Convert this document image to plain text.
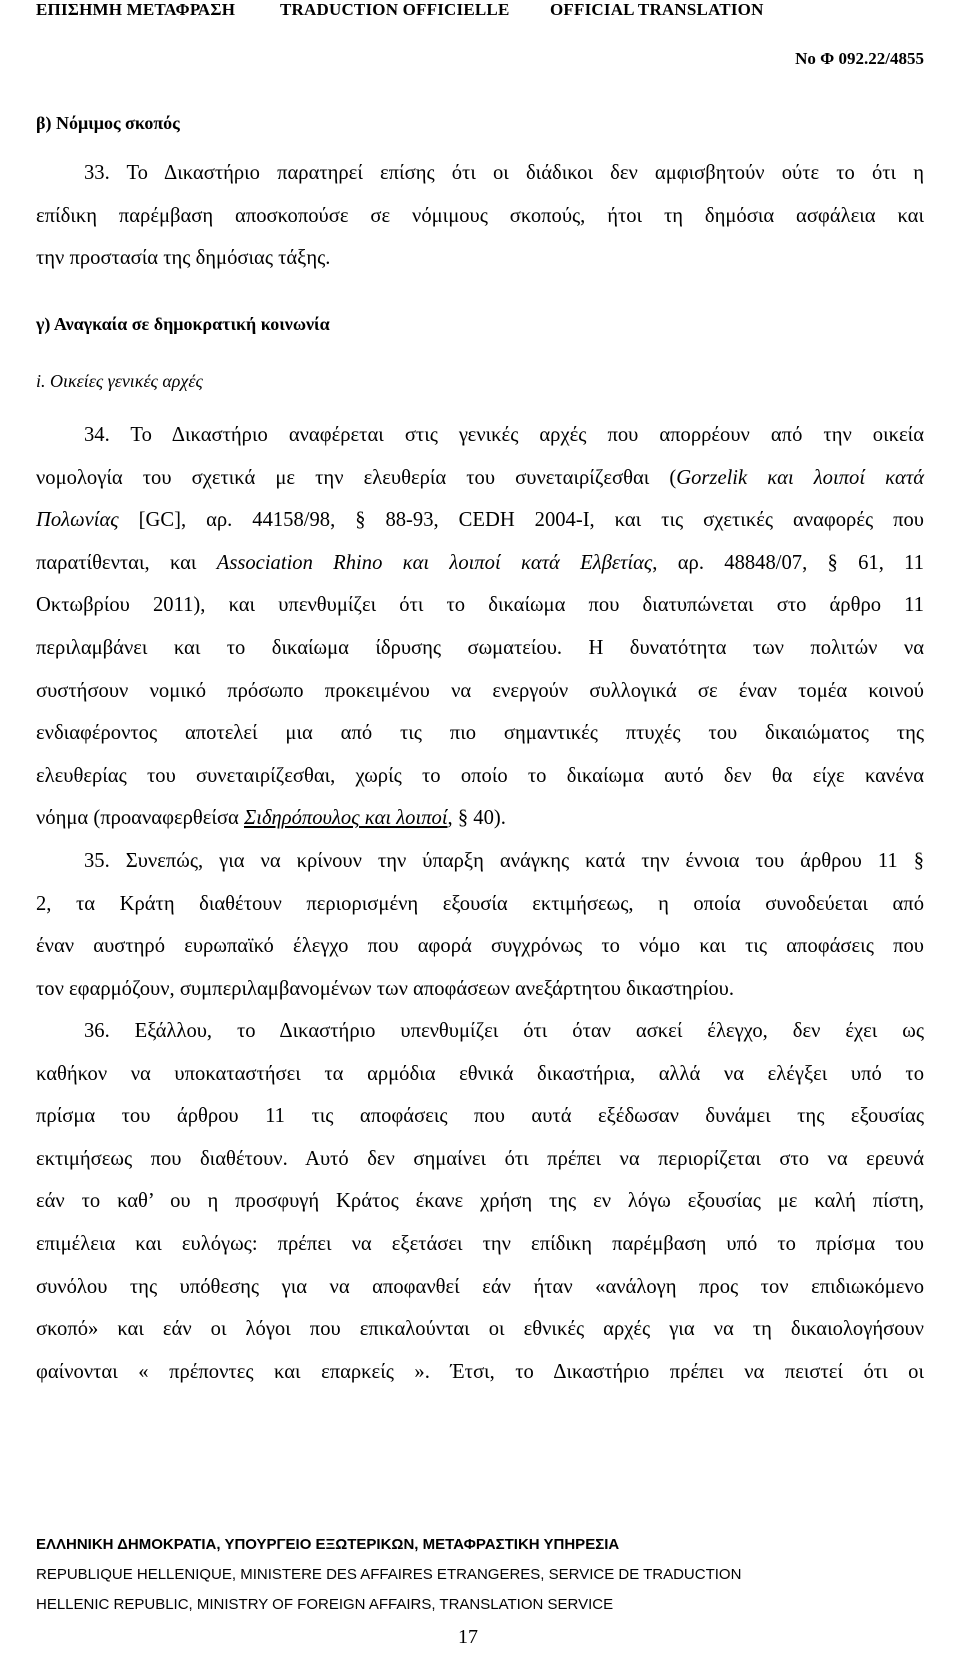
ΕΠΙΣΗΜΗ ΜΕΤΑΦΡΑΣΗ	TRADUCTION OFFICIELLE OFFICIAL TRANSLATION
Νο Φ 092.22/4855
β) Νόμιμος σκοπός
33. Το Δικαστήριο παρατηρεί επίσης ότι οι διάδικοι δεν αμφισβητούν ούτε το ότι η
επίδικη παρέμβαση αποσκοπούσε σε νόμιμους σκοπούς, ήτοι τη δημόσια ασφάλεια και
την προστασία της δημόσιας τάξης.
γ) Αναγκαία σε δημοκρατική κοινωνία
i. Οικείες γενικές αρχές
34. Το Δικαστήριο αναφέρεται στις γενικές αρχές που απορρέουν από την οικεία
νομολογία του σχετικά με την ελευθερία του συνεταιρίζεσθαι (Gorzelik και λοιποί κατά
Πολωνίας [GC], αρ. 44158/98, § 88-93, CEDH 2004-I, και τις σχετικές αναφορές που
παρατίθενται, και Association Rhino και λοιποί κατά Ελβετίας, αρ. 48848/07, § 61, 11
Οκτωβρίου 2011), και υπενθυμίζει ότι το δικαίωμα που διατυπώνεται στο άρθρο 11
περιλαμβάνει και το δικαίωμα ίδρυσης σωματείου. Η δυνατότητα των πολιτών να
συστήσουν νομικό πρόσωπο προκειμένου να ενεργούν συλλογικά σε έναν τομέα κοινού
ενδιαφέροντος αποτελεί μια από τις πιο σημαντικές πτυχές του δικαιώματος της
ελευθερίας του συνεταιρίζεσθαι, χωρίς το οποίο το δικαίωμα αυτό δεν θα είχε κανένα
νόημα (προαναφερθείσα Σιδηρόπουλος και λοιποί, § 40).
35. Συνεπώς, για να κρίνουν την ύπαρξη ανάγκης κατά την έννοια του άρθρου 11 §
2, τα Κράτη διαθέτουν περιορισμένη εξουσία εκτιμήσεως, η οποία συνοδεύεται από
έναν αυστηρό ευρωπαϊκό έλεγχο που αφορά συγχρόνως το νόμο και τις αποφάσεις που
τον εφαρμόζουν, συμπεριλαμβανομένων των αποφάσεων ανεξάρτητου δικαστηρίου.
36. Εξάλλου, το Δικαστήριο υπενθυμίζει ότι όταν ασκεί έλεγχο, δεν έχει ως
καθήκον να υποκαταστήσει τα αρμόδια εθνικά δικαστήρια, αλλά να ελέγξει υπό το
πρίσμα του άρθρου 11 τις αποφάσεις που αυτά εξέδωσαν δυνάμει της εξουσίας
εκτιμήσεως που διαθέτουν. Αυτό δεν σημαίνει ότι πρέπει να περιορίζεται στο να ερευνά
εάν το καθ’ ου η προσφυγή Κράτος έκανε χρήση της εν λόγω εξουσίας με καλή πίστη,
επιμέλεια και ευλόγως: πρέπει να εξετάσει την επίδικη παρέμβαση υπό το πρίσμα του
συνόλου της υπόθεσης για να αποφανθεί εάν ήταν «ανάλογη προς τον επιδιωκόμενο
σκοπό» και εάν οι λόγοι που επικαλούνται οι εθνικές αρχές για να τη δικαιολογήσουν
φαίνονται « πρέποντες και επαρκείς ». Έτσι, το Δικαστήριο πρέπει να πειστεί ότι οι
ΕΛΛΗΝΙΚΗ ΔΗΜΟΚΡΑΤΙΑ, ΥΠΟΥΡΓΕΙΟ ΕΞΩΤΕΡΙΚΩΝ, ΜΕΤΑΦΡΑΣΤΙΚΗ ΥΠΗΡΕΣΙΑ
REPUBLIQUE HELLENIQUE, MINISTERE DES AFFAIRES ETRANGERES, SERVICE DE TRADUCTION
HELLENIC REPUBLIC, MINISTRY OF FOREIGN AFFAIRS, TRANSLATION SERVICE
17
